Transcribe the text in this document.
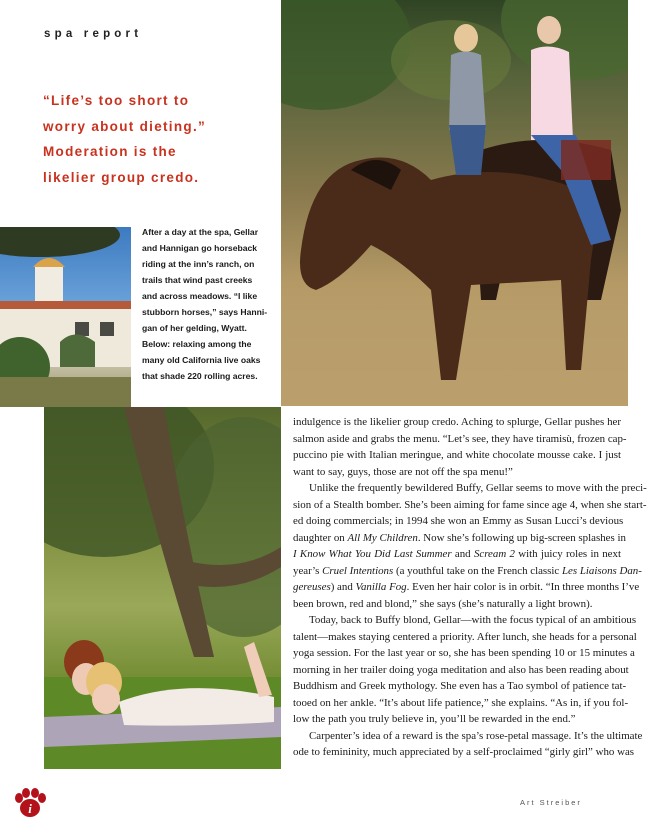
spa report
“Life’s too short to
worry about dieting.”
Moderation is the
likelier group credo.
After a day at the spa, Gellar
and Hannigan go horseback
riding at the inn’s ranch, on
trails that wind past creeks
and across meadows. “I like
stubborn horses,” says Hanni-
gan of her gelding, Wyatt.
Below: relaxing among the
many old California live oaks
that shade 220 rolling acres.
indulgence is the likelier group credo. Aching to splurge, Gellar pushes her
salmon aside and grabs the menu. “Let’s see, they have tiramisù, frozen cap-
puccino pie with Italian meringue, and white chocolate mousse cake. I just
want to say, guys, those are not off the spa menu!”
Unlike the frequently bewildered Buffy, Gellar seems to move with the preci-
sion of a Stealth bomber. She’s been aiming for fame since age 4, when she start-
ed doing commercials; in 1994 she won an Emmy as Susan Lucci’s devious
daughter on All My Children. Now she’s following up big-screen splashes in
I Know What You Did Last Summer and Scream 2 with juicy roles in next
year’s Cruel Intentions (a youthful take on the French classic Les Liaisons Dan-
gereuses) and Vanilla Fog. Even her hair color is in orbit. “In three months I’ve
been brown, red and blond,” she says (she’s naturally a light brown).
Today, back to Buffy blond, Gellar—with the focus typical of an ambitious
talent—makes staying centered a priority. After lunch, she heads for a personal
yoga session. For the last year or so, she has been spending 10 or 15 minutes a
morning in her trailer doing yoga meditation and also has been reading about
Buddhism and Greek mythology. She even has a Tao symbol of patience tat-
tooed on her ankle. “It’s about life patience,” she explains. “As in, if you fol-
low the path you truly believe in, you’ll be rewarded in the end.”
Carpenter’s idea of a reward is the spa’s rose-petal massage. It’s the ultimate
ode to femininity, much appreciated by a self-proclaimed “girly girl” who was
i	Art Streiber
